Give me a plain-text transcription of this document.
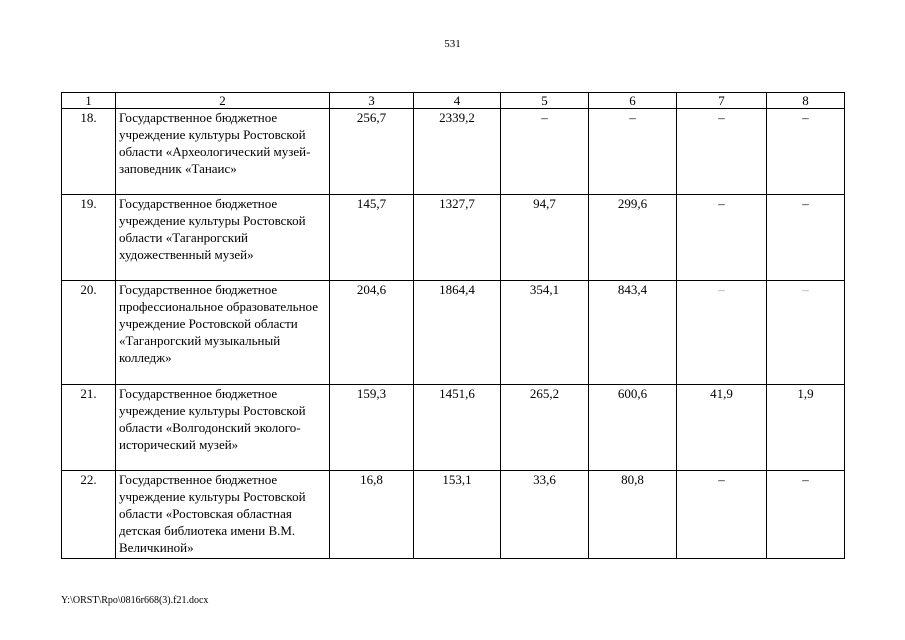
531
1	2	3	4	5	6	7	8
18.	Государственное бюджетное учреждение культуры Ростовской области «Археологический музей-заповедник «Танаис»	256,7	2339,2	–	–	–	–
19.	Государственное бюджетное учреждение культуры Ростовской области «Таганрогский художественный музей»	145,7	1327,7	94,7	299,6	–	–
20.	Государственное бюджетное профессиональное образовательное учреждение Ростовской области «Таганрогский музыкальный колледж»	204,6	1864,4	354,1	843,4	–	–
21.	Государственное бюджетное учреждение культуры Ростовской области «Волгодонский эколого-исторический музей»	159,3	1451,6	265,2	600,6	41,9	1,9
22.	Государственное бюджетное учреждение культуры Ростовской области «Ростовская областная детская библиотека имени В.М. Величкиной»	16,8	153,1	33,6	80,8	–	–
Y:\ORST\Rpo\0816r668(3).f21.docx
